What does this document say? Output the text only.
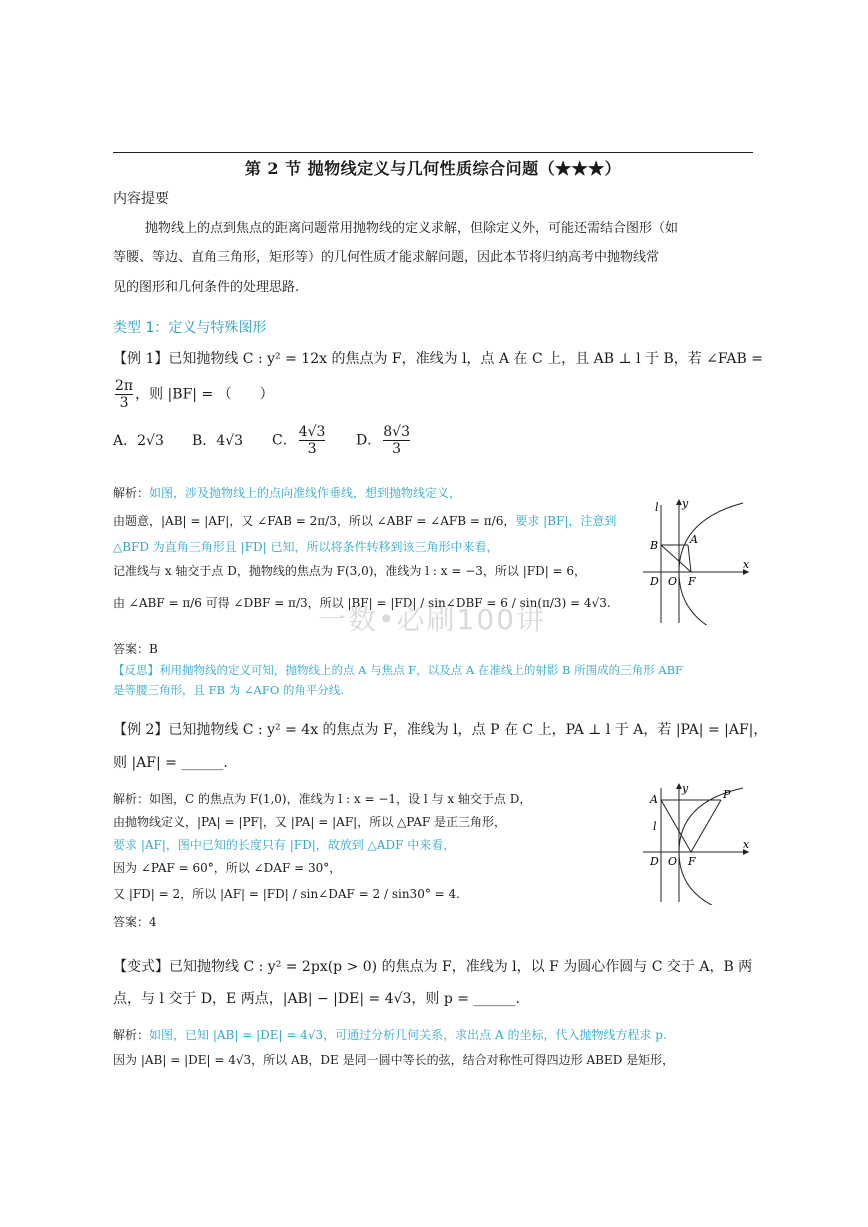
第 2 节 抛物线定义与几何性质综合问题（★★★）
内容提要
抛物线上的点到焦点的距离问题常用抛物线的定义求解，但除定义外，可能还需结合图形（如
等腰、等边、直角三角形，矩形等）的几何性质才能求解问题，因此本节将归纳高考中抛物线常
见的图形和几何条件的处理思路.
类型 1：定义与特殊图形
【例 1】已知抛物线 C : y² = 12x 的焦点为 F，准线为 l，点 A 在 C 上，且 AB ⊥ l 于 B，若 ∠FAB =
$\frac{2\pi}{3}$ ，则 |BF| = （　　）
A．2√3 B．4√3 C． $\frac{4√3}{3}$ D． $\frac{8√3}{3}$
解析：如图，涉及抛物线上的点向准线作垂线，想到抛物线定义，
由题意，|AB| = |AF|，又 ∠FAB = 2π/3，所以 ∠ABF = ∠AFB = π/6，要求 |BF|，注意到
△BFD 为直角三角形且 |FD| 已知，所以将条件转移到该三角形中来看，
记准线与 x 轴交于点 D，抛物线的焦点为 F(3,0)，准线为 l : x = −3，所以 |FD| = 6，
由 ∠ABF = π/6 可得 ∠DBF = π/3，所以 |BF| = |FD| / sin∠DBF = 6 / sin(π/3) = 4√3.
l y
x
A
B
D O F
一数•必刷100讲
答案：B
【反思】利用抛物线的定义可知，抛物线上的点 A 与焦点 F，以及点 A 在准线上的射影 B 所围成的三角形 ABF
是等腰三角形，且 FB 为 ∠AFO 的角平分线.
【例 2】已知抛物线 C : y² = 4x 的焦点为 F，准线为 l，点 P 在 C 上，PA ⊥ l 于 A，若 |PA| = |AF|，
则 |AF| = ______.
解析：如图，C 的焦点为 F(1,0)，准线为 l : x = −1，设 l 与 x 轴交于点 D，
由抛物线定义，|PA| = |PF|，又 |PA| = |AF|，所以 △PAF 是正三角形，
要求 |AF|，图中已知的长度只有 |FD|，故放到 △ADF 中来看，
因为 ∠PAF = 60°，所以 ∠DAF = 30°，
又 |FD| = 2，所以 |AF| = |FD| / sin∠DAF = 2 / sin30° = 4.
答案：4
l
y
x
A	P
D O F
【变式】已知抛物线 C : y² = 2px(p > 0) 的焦点为 F，准线为 l，以 F 为圆心作圆与 C 交于 A，B 两
点，与 l 交于 D，E 两点，|AB| − |DE| = 4√3，则 p = ______.
解析：如图，已知 |AB| = |DE| = 4√3，可通过分析几何关系，求出点 A 的坐标，代入抛物线方程求 p.
因为 |AB| = |DE| = 4√3，所以 AB，DE 是同一圆中等长的弦，结合对称性可得四边形 ABED 是矩形，
